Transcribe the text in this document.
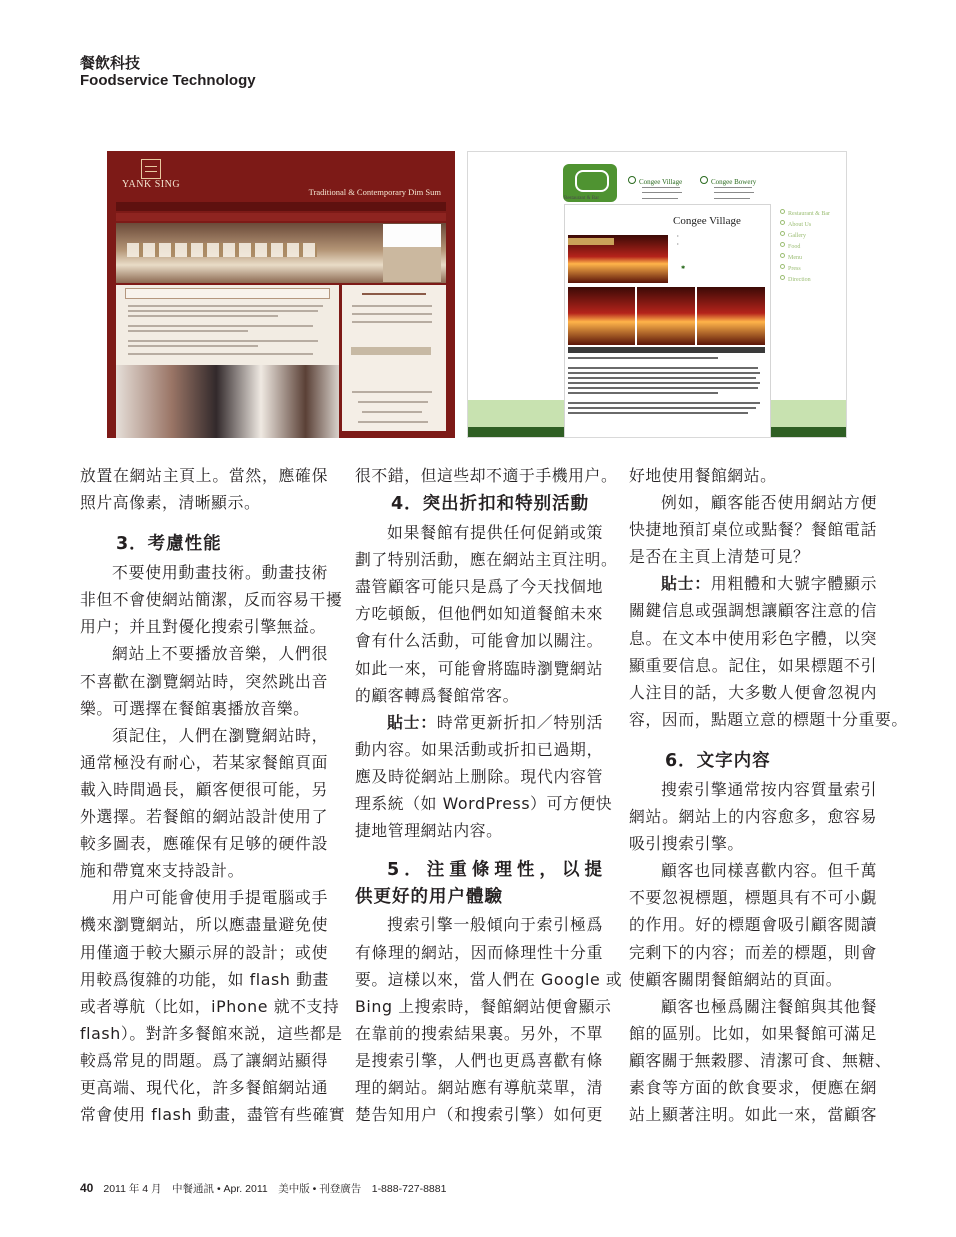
餐飲科技
Foodservice Technology
YANK SING
Traditional & Contemporary Dim Sum
Restaurant & Bar
Congee Village	Congee Bowery
Congee Village
›
›
✱
Restaurant & Bar
About Us
Gallery
Food
Menu
Press
Direction
放置在網站主頁上。當然，應確保
照片高像素，清晰顯示。
3．考慮性能
不要使用動畫技術。動畫技術
非但不會使網站簡潔，反而容易干擾
用户；并且對優化搜索引擎無益。
網站上不要播放音樂，人們很
不喜歡在瀏覽網站時，突然跳出音
樂。可選擇在餐館裏播放音樂。
須記住，人們在瀏覽網站時，
通常極没有耐心，若某家餐館頁面
載入時間過長，顧客便很可能，另
外選擇。若餐館的網站設計使用了
較多圖表，應確保有足够的硬件設
施和帶寬來支持設計。
用户可能會使用手提電腦或手
機來瀏覽網站，所以應盡量避免使
用僅適于較大顯示屏的設計；或使
用較爲復雜的功能，如 flash 動畫
或者導航（比如，iPhone 就不支持
flash）。對許多餐館來説，這些都是
較爲常見的問題。爲了讓網站顯得
更高端、現代化，許多餐館網站通
常會使用 flash 動畫，盡管有些確實
很不錯，但這些却不適于手機用户。
4．突出折扣和特别活動
如果餐館有提供任何促銷或策
劃了特别活動，應在網站主頁注明。
盡管顧客可能只是爲了今天找個地
方吃頓飯，但他們如知道餐館未來
會有什么活動，可能會加以關注。
如此一來，可能會將臨時瀏覽網站
的顧客轉爲餐館常客。
貼士：時常更新折扣／特别活
動内容。如果活動或折扣已過期，
應及時從網站上删除。現代内容管
理系統（如 WordPress）可方便快
捷地管理網站内容。
5．注重條理性，以提
供更好的用户體驗
搜索引擎一般傾向于索引極爲
有條理的網站，因而條理性十分重
要。這樣以來，當人們在 Google 或
Bing 上搜索時，餐館網站便會顯示
在靠前的搜索結果裏。另外，不單
是搜索引擎，人們也更爲喜歡有條
理的網站。網站應有導航菜單，清
楚告知用户（和搜索引擎）如何更
好地使用餐館網站。
例如，顧客能否使用網站方便
快捷地預訂桌位或點餐？餐館電話
是否在主頁上清楚可見？
貼士：用粗體和大號字體顯示
關鍵信息或强調想讓顧客注意的信
息。在文本中使用彩色字體，以突
顯重要信息。記住，如果標題不引
人注目的話，大多數人便會忽視内
容，因而，點題立意的標題十分重要。
6．文字内容
搜索引擎通常按内容質量索引
網站。網站上的内容愈多，愈容易
吸引搜索引擎。
顧客也同樣喜歡内容。但千萬
不要忽視標題，標題具有不可小覷
的作用。好的標題會吸引顧客閲讀
完剩下的内容；而差的標題，則會
使顧客關閉餐館網站的頁面。
顧客也極爲關注餐館與其他餐
館的區别。比如，如果餐館可滿足
顧客關于無穀膠、清潔可食、無糖、
素食等方面的飲食要求，便應在網
站上顯著注明。如此一來，當顧客
40 2011 年 4 月　中餐通訊 • Apr. 2011　美中版 • 刊登廣告　1-888-727-8881
